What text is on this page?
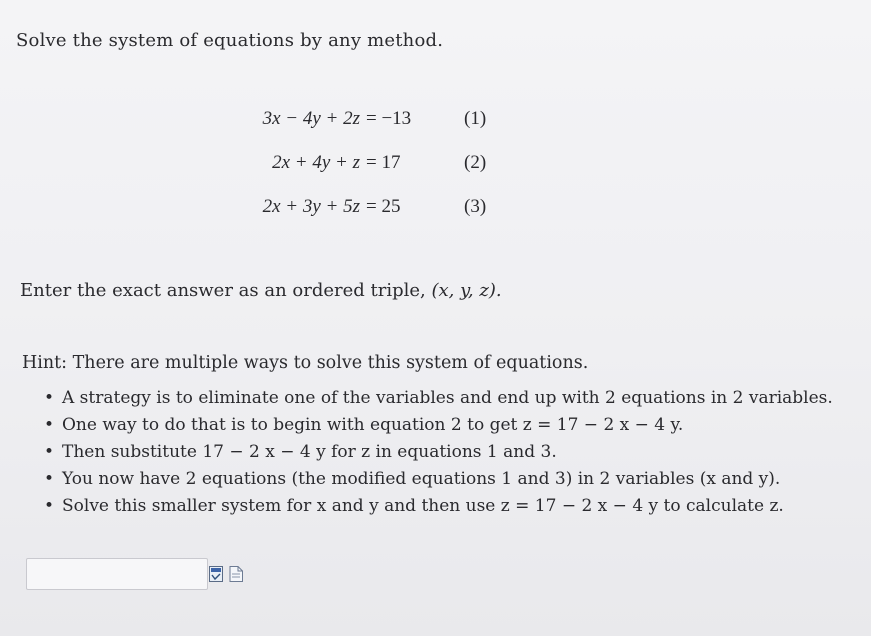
Solve the system of equations by any method.
3x − 4y + 2z = −13	(1)
2x + 4y + z = 17	(2)
2x + 3y + 5z = 25	(3)
Enter the exact answer as an ordered triple, (x, y, z).
Hint: There are multiple ways to solve this system of equations.
• A strategy is to eliminate one of the variables and end up with 2 equations in 2 variables.
• One way to do that is to begin with equation 2 to get z = 17 − 2 x − 4 y.
• Then substitute 17 − 2 x − 4 y for z in equations 1 and 3.
• You now have 2 equations (the modified equations 1 and 3) in 2 variables (x and y).
• Solve this smaller system for x and y and then use z = 17 − 2 x − 4 y to calculate z.
